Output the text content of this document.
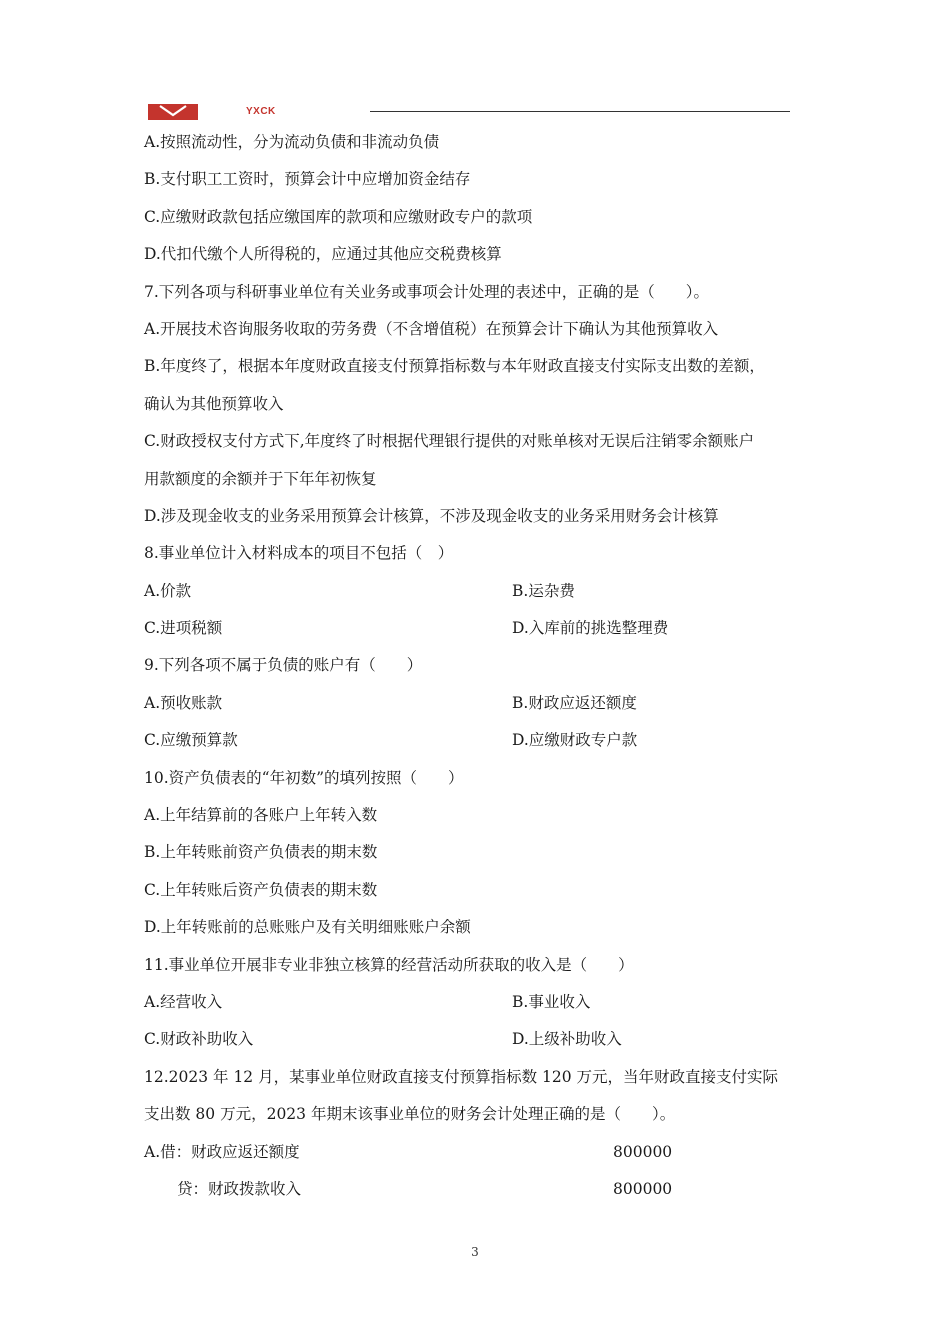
YXCK
A.按照流动性，分为流动负债和非流动负债
B.支付职工工资时，预算会计中应增加资金结存
C.应缴财政款包括应缴国库的款项和应缴财政专户的款项
D.代扣代缴个人所得税的，应通过其他应交税费核算
7.下列各项与科研事业单位有关业务或事项会计处理的表述中，正确的是（　　）。
A.开展技术咨询服务收取的劳务费（不含增值税）在预算会计下确认为其他预算收入
B.年度终了，根据本年度财政直接支付预算指标数与本年财政直接支付实际支出数的差额，
确认为其他预算收入
C.财政授权支付方式下,年度终了时根据代理银行提供的对账单核对无误后注销零余额账户
用款额度的余额并于下年年初恢复
D.涉及现金收支的业务采用预算会计核算，不涉及现金收支的业务采用财务会计核算
8.事业单位计入材料成本的项目不包括（　）
A.价款	B.运杂费
C.进项税额	D.入库前的挑选整理费
9.下列各项不属于负债的账户有（　　）
A.预收账款	B.财政应返还额度
C.应缴预算款	D.应缴财政专户款
10.资产负债表的“年初数”的填列按照（　　）
A.上年结算前的各账户上年转入数
B.上年转账前资产负债表的期末数
C.上年转账后资产负债表的期末数
D.上年转账前的总账账户及有关明细账账户余额
11.事业单位开展非专业非独立核算的经营活动所获取的收入是（　　）
A.经营收入	B.事业收入
C.财政补助收入	D.上级补助收入
12.2023 年 12 月，某事业单位财政直接支付预算指标数 120 万元，当年财政直接支付实际
支出数 80 万元，2023 年期末该事业单位的财务会计处理正确的是（　　）。
A.借：财政应返还额度	800000
贷：财政拨款收入	800000
3
